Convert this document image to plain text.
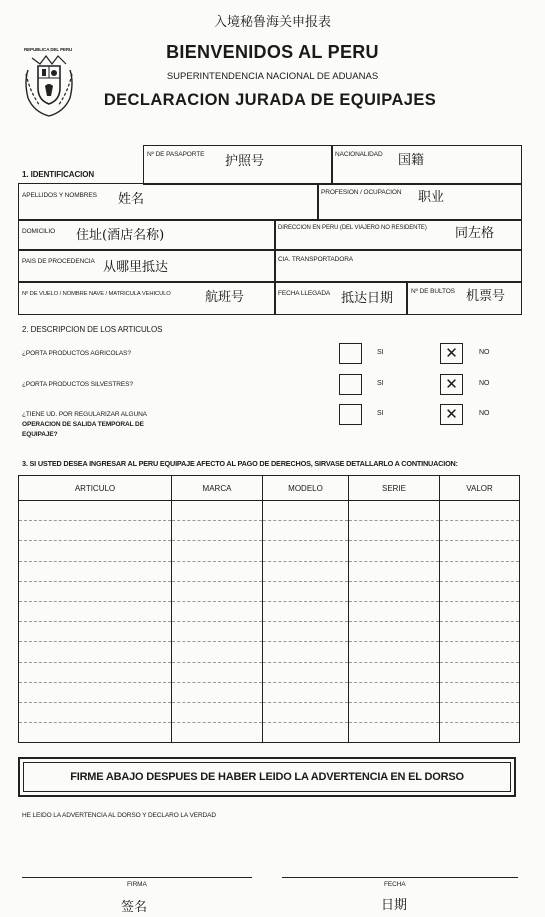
REPUBLICA DEL PERU
入境秘鲁海关申报表
BIENVENIDOS AL PERU
SUPERINTENDENCIA NACIONAL DE ADUANAS
DECLARACION JURADA DE EQUIPAJES
1. IDENTIFICACION
Nº DE PASAPORTE 护照号	NACIONALIDAD 国籍
APELLIDOS Y NOMBRES 姓名	PROFESION / OCUPACION 职业
DOMICILIO 住址(酒店名称)	DIRECCION EN PERU (DEL VIAJERO NO RESIDENTE) 同左格
PAIS DE PROCEDENCIA 从哪里抵达
CIA. TRANSPORTADORA
Nº DE VUELO / NOMBRE NAVE / MATRICULA VEHICULO	航班号	FECHA LLEGADA 抵达日期	Nº DE BULTOS 机票号
2. DESCRIPCION DE LOS ARTICULOS
¿PORTA PRODUCTOS AGRICOLAS?	SI	✕	NO
¿PORTA PRODUCTOS SILVESTRES?	SI	✕	NO
¿TIENE UD. POR REGULARIZAR ALGUNA
OPERACION DE SALIDA TEMPORAL DE
EQUIPAJE?
SI	✕	NO
3. SI USTED DESEA INGRESAR AL PERU EQUIPAJE AFECTO AL PAGO DE DERECHOS, SIRVASE DETALLARLO A CONTINUACION:
ARTICULO	MARCA	MODELO	SERIE	VALOR

FIRME ABAJO DESPUES DE HABER LEIDO LA ADVERTENCIA EN EL DORSO
HE LEIDO LA ADVERTENCIA AL DORSO Y DECLARO LA VERDAD
FIRMA	FECHA
签名	日期
